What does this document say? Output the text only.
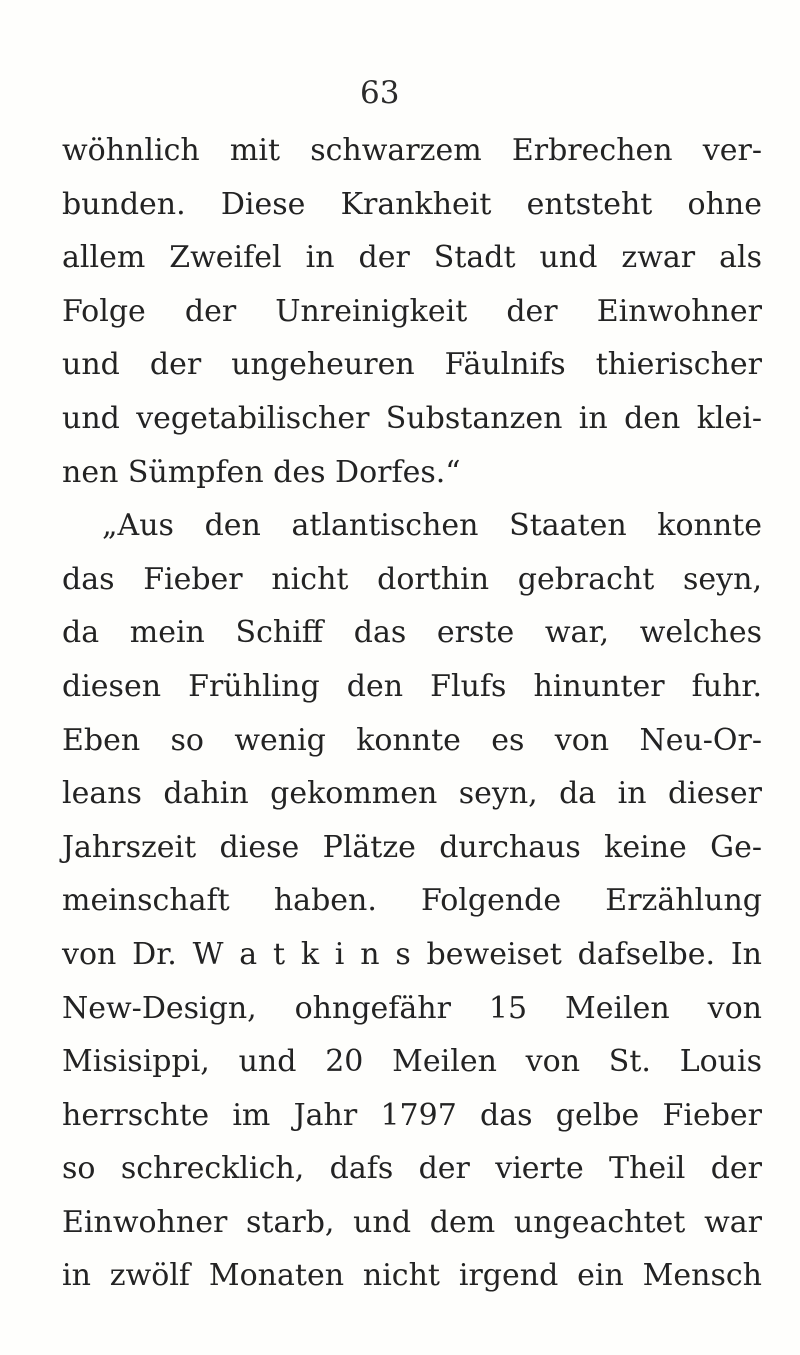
63
wöhnlich mit schwarzem Erbrechen ver-
bunden. Diese Krankheit entsteht ohne
allem Zweifel in der Stadt und zwar als
Folge der Unreinigkeit der Einwohner
und der ungeheuren Fäulnifs thierischer
und vegetabilischer Substanzen in den klei-
nen Sümpfen des Dorfes.“
„Aus den atlantischen Staaten konnte
das Fieber nicht dorthin gebracht seyn,
da mein Schiff das erste war, welches
diesen Frühling den Flufs hinunter fuhr.
Eben so wenig konnte es von Neu-Or-
leans dahin gekommen seyn, da in dieser
Jahrszeit diese Plätze durchaus keine Ge-
meinschaft haben. Folgende Erzählung
von Dr. W a t k i n s beweiset dafselbe. In
New-Design, ohngefähr 15 Meilen von
Misisippi, und 20 Meilen von St. Louis
herrschte im Jahr 1797 das gelbe Fieber
so schrecklich, dafs der vierte Theil der
Einwohner starb, und dem ungeachtet war
in zwölf Monaten nicht irgend ein Mensch
